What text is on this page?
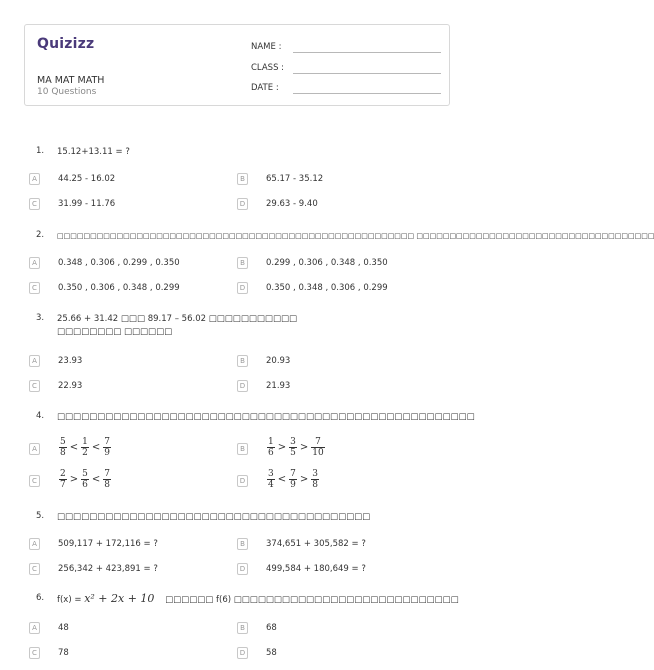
Quizizz
MA MAT MATH
10 Questions
NAME :
CLASS :
DATE :
1. 15.12+13.11 = ?
A	44.25 - 16.02	B	65.17 - 35.12
C	31.99 - 11.76	D	29.63 - 9.40
2. □□□□□□□□□□□□□□□□□□□□□□□□□□□□□□□□□□□□□□□□□□□□□□□□□□□□□□ □□□□□□□□□□□□□□□□□□□□□□□□□□□□□□□□□□□□
A	0.348 , 0.306 , 0.299 , 0.350	B	0.299 , 0.306 , 0.348 , 0.350
C	0.350 , 0.306 , 0.348 , 0.299	D	0.350 , 0.348 , 0.306 , 0.299
3. 25.66 + 31.42 □□□ 89.17 – 56.02 □□□□□□□□□□□
□□□□□□□□ □□□□□□
A	23.93	B	20.93
C	22.93	D	21.93
4. □□□□□□□□□□□□□□□□□□□□□□□□□□□□□□□□□□□□□□□□□□□□□□□□□□□□
A	$\frac{5}{8} < \frac{1}{2} < \frac{7}{9}$	B	$\frac{1}{6} > \frac{3}{5} > \frac{7}{10}$
C	$\frac{2}{7} > \frac{5}{6} < \frac{7}{8}$	D	$\frac{3}{4} < \frac{7}{9} > \frac{3}{8}$
5. □□□□□□□□□□□□□□□□□□□□□□□□□□□□□□□□□□□□□□□
A	509,117 + 172,116 = ?	B	374,651 + 305,582 = ?
C	256,342 + 423,891 = ?	D	499,584 + 180,649 = ?
6. f(x) = x² + 2x + 10 □□□□□□ f(6) □□□□□□□□□□□□□□□□□□□□□□□□□□□□
A	48	B	68
C	78	D	58
